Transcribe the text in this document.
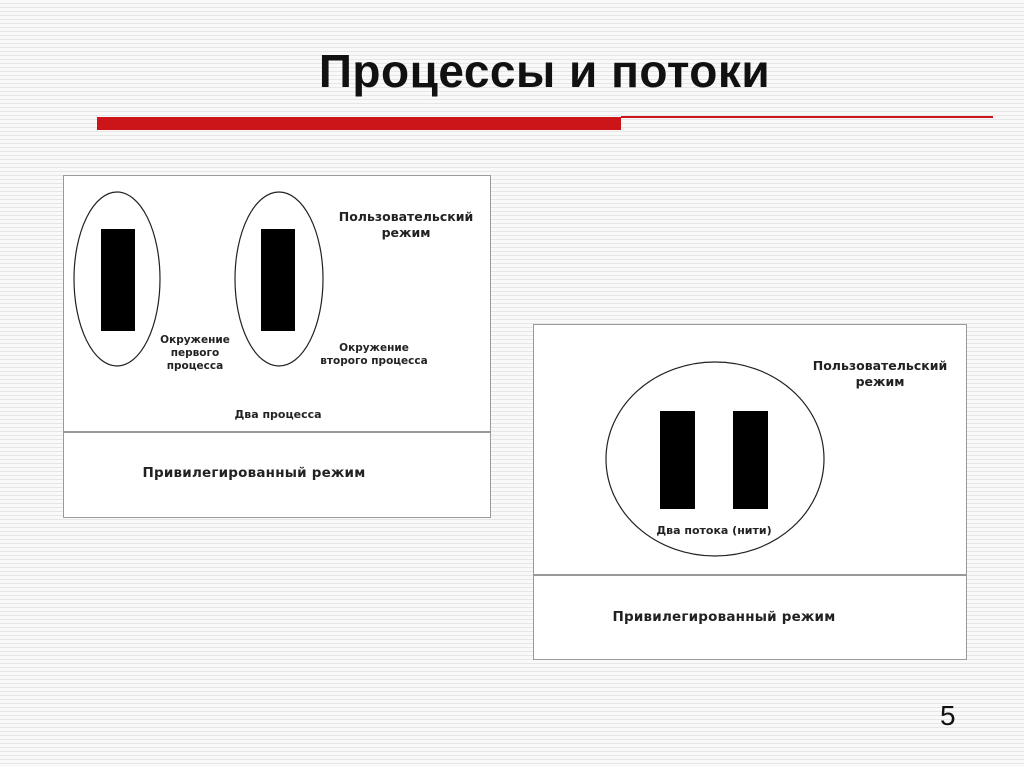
Процессы и потоки
Пользовательский
режим
Окружение
первого
процесса
Окружение
второго процесса
Два процесса
Привилегированный режим
Пользовательский
режим
Два потока (нити)
Привилегированный режим
5
